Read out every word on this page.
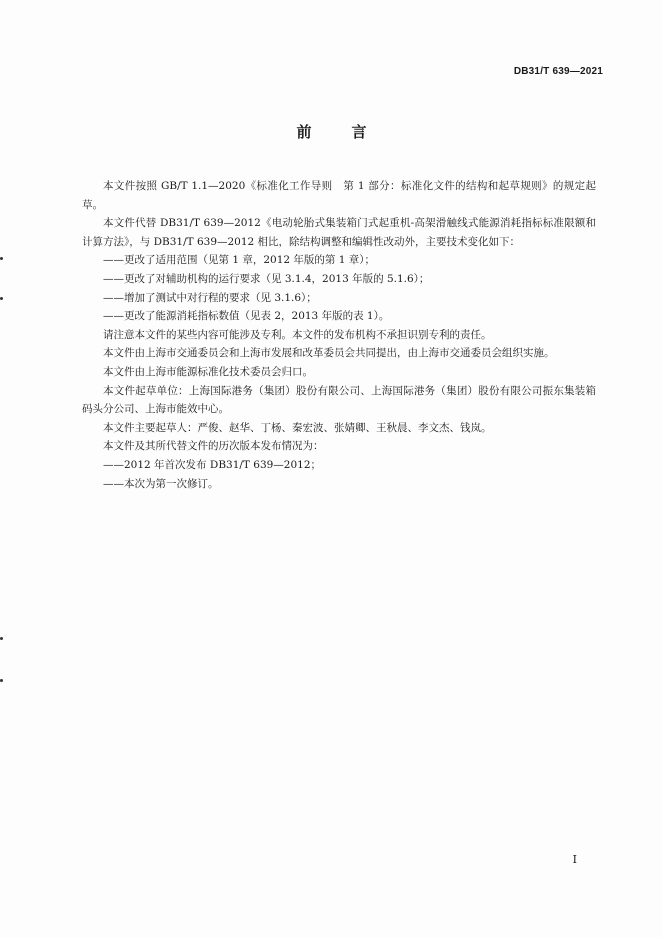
DB31/T 639—2021
前言

本文件按照 GB/T 1.1—2020《标准化工作导则　第 1 部分：标准化文件的结构和起草规则》的规定起草。

本文件代替 DB31/T 639—2012《电动轮胎式集装箱门式起重机-高架滑触线式能源消耗指标标准限额和计算方法》，与 DB31/T 639—2012 相比，除结构调整和编辑性改动外，主要技术变化如下：

——更改了适用范围（见第 1 章，2012 年版的第 1 章）；

——更改了对辅助机构的运行要求（见 3.1.4，2013 年版的 5.1.6）；

——增加了测试中对行程的要求（见 3.1.6）；

——更改了能源消耗指标数值（见表 2，2013 年版的表 1）。

请注意本文件的某些内容可能涉及专利。本文件的发布机构不承担识别专利的责任。

本文件由上海市交通委员会和上海市发展和改革委员会共同提出，由上海市交通委员会组织实施。

本文件由上海市能源标准化技术委员会归口。

本文件起草单位：上海国际港务（集团）股份有限公司、上海国际港务（集团）股份有限公司振东集装箱码头分公司、上海市能效中心。

本文件主要起草人：严俊、赵华、丁杨、秦宏波、张婧卿、王秋晨、李文杰、钱岚。

本文件及其所代替文件的历次版本发布情况为：

——2012 年首次发布 DB31/T 639—2012；

——本次为第一次修订。

I
